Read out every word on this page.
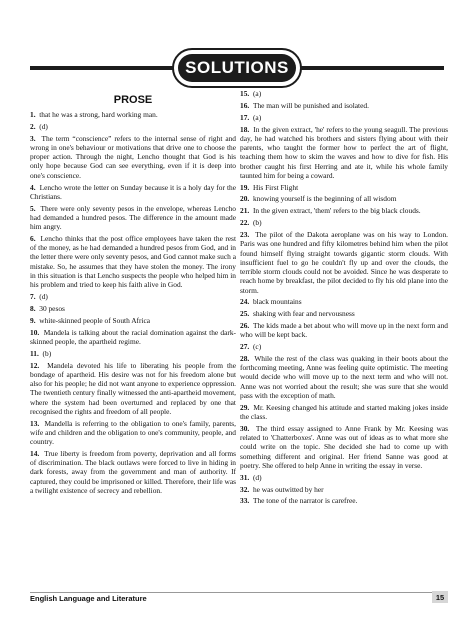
SOLUTIONS
PROSE
1. that he was a strong, hard working man.
2. (d)
3. The term “conscience” refers to the internal sense of right and wrong in one's behaviour or motivations that drive one to choose the proper action. Through the night, Lencho thought that God is his only hope because God can see everything, even if it is deep into one's conscience.
4. Lencho wrote the letter on Sunday because it is a holy day for the Christians.
5. There were only seventy pesos in the envelope, whereas Lencho had demanded a hundred pesos. The difference in the amount made him angry.
6. Lencho thinks that the post office employees have taken the rest of the money, as he had demanded a hundred pesos from God, and in the letter there were only seventy pesos, and God cannot make such a mistake. So, he assumes that they have stolen the money. The irony in this situation is that Lencho suspects the people who helped him in his problem and tried to keep his faith alive in God.
7. (d)
8. 30 pesos
9. white-skinned people of South Africa
10. Mandela is talking about the racial domination against the dark-skinned people, the apartheid regime.
11. (b)
12. Mandela devoted his life to liberating his people from the bondage of apartheid. His desire was not for his freedom alone but also for his people; he did not want anyone to experience oppression. The twentieth century finally witnessed the anti-apartheid movement, where the system had been overturned and replaced by one that recognised the rights and freedom of all people.
13. Mandella is referring to the obligation to one's family, parents, wife and children and the obligation to one's community, people, and country.
14. True liberty is freedom from poverty, deprivation and all forms of discrimination. The black outlaws were forced to live in hiding in dark forests, away from the government and man of authority. If captured, they could be imprisoned or killed. Therefore, their life was a twilight existence of secrecy and rebellion.
15. (a)
16. The man will be punished and isolated.
17. (a)
18. In the given extract, 'he' refers to the young seagull. The previous day, he had watched his brothers and sisters flying about with their parents, who taught the former how to perfect the art of flight, teaching them how to skim the waves and how to dive for fish. His brother caught his first Herring and ate it, while his whole family taunted him for being a coward.
19. His First Flight
20. knowing yourself is the beginning of all wisdom
21. In the given extract, 'them' refers to the big black clouds.
22. (b)
23. The pilot of the Dakota aeroplane was on his way to London. Paris was one hundred and fifty kilometres behind him when the pilot found himself flying straight towards gigantic storm clouds. With insufficient fuel to go he couldn't fly up and over the clouds, the terrible storm clouds could not be avoided. Since he was desperate to reach home by breakfast, the pilot decided to fly his old plane into the storm.
24. black mountains
25. shaking with fear and nervousness
26. The kids made a bet about who will move up in the next form and who will be kept back.
27. (c)
28. While the rest of the class was quaking in their boots about the forthcoming meeting, Anne was feeling quite optimistic. The meeting would decide who will move up to the next term and who will not. Anne was not worried about the result; she was sure that she would pass with the exception of math.
29. Mr. Keesing changed his attitude and started making jokes inside the class.
30. The third essay assigned to Anne Frank by Mr. Keesing was related to 'Chatterboxes'. Anne was out of ideas as to what more she could write on the topic. She decided she had to come up with something different and original. Her friend Sanne was good at poetry. She offered to help Anne in writing the essay in verse.
31. (d)
32. he was outwitted by her
33. The tone of the narrator is carefree.
English Language and Literature	15
